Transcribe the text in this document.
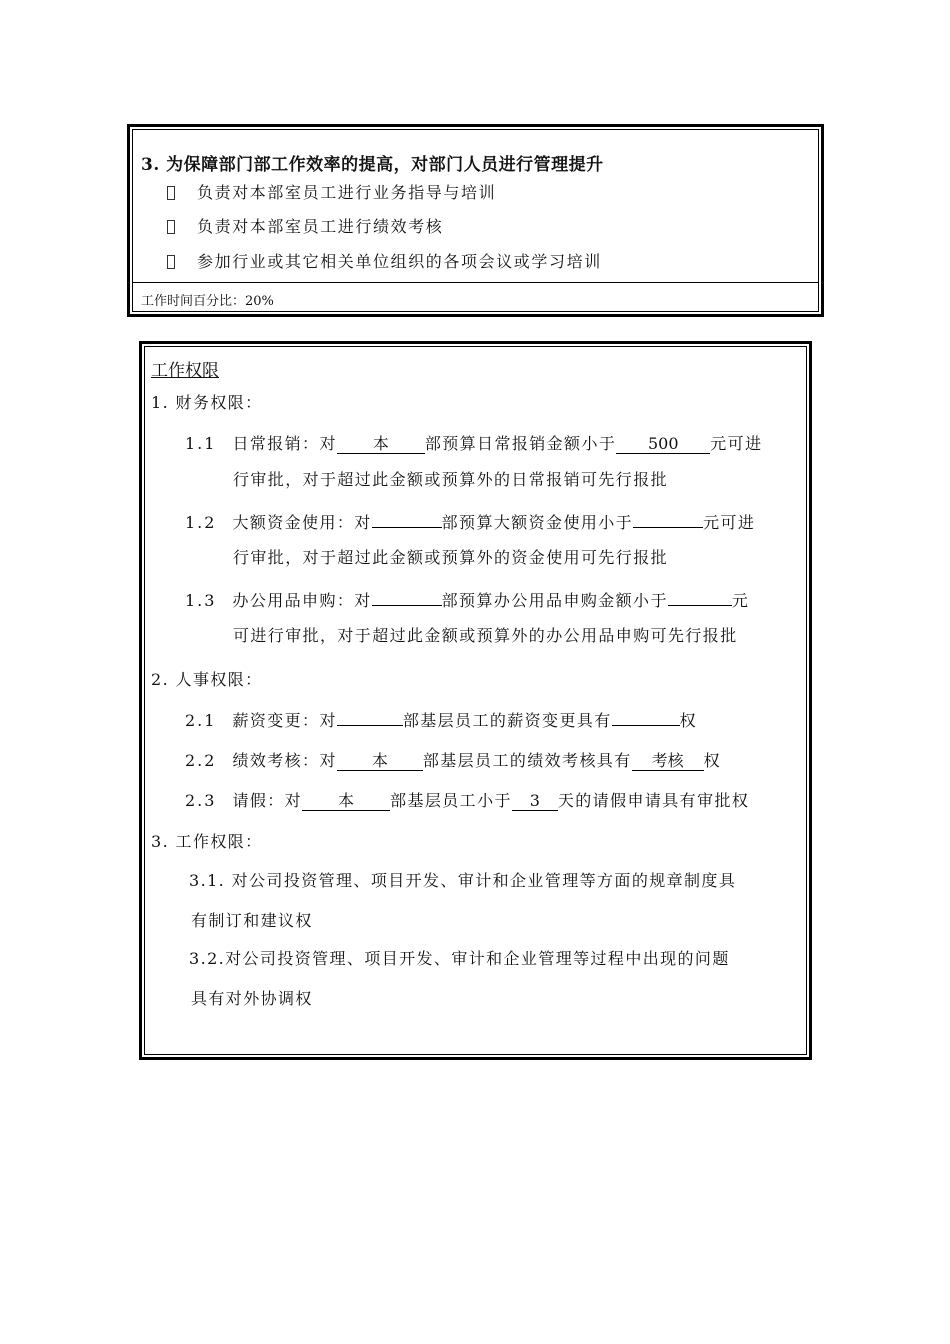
3. 为保障部门部工作效率的提高，对部门人员进行管理提升
负责对本部室员工进行业务指导与培训
负责对本部室员工进行绩效考核
参加行业或其它相关单位组织的各项会议或学习培训
工作时间百分比：20%
工作权限
1. 财务权限：
1.1 日常报销：对 本 部预算日常报销金额小于 500 元可进
行审批，对于超过此金额或预算外的日常报销可先行报批
1.2 大额资金使用：对	部预算大额资金使用小于	元可进
行审批，对于超过此金额或预算外的资金使用可先行报批
1.3 办公用品申购：对	部预算办公用品申购金额小于	元
可进行审批，对于超过此金额或预算外的办公用品申购可先行报批
2. 人事权限：
2.1 薪资变更：对	部基层员工的薪资变更具有	权
2.2 绩效考核：对 本 部基层员工的绩效考核具有 考核 权
2.3 请假：对 本 部基层员工小于 3 天的请假申请具有审批权
3. 工作权限：
3.1. 对公司投资管理、项目开发、审计和企业管理等方面的规章制度具
有制订和建议权
3.2.对公司投资管理、项目开发、审计和企业管理等过程中出现的问题
具有对外协调权
